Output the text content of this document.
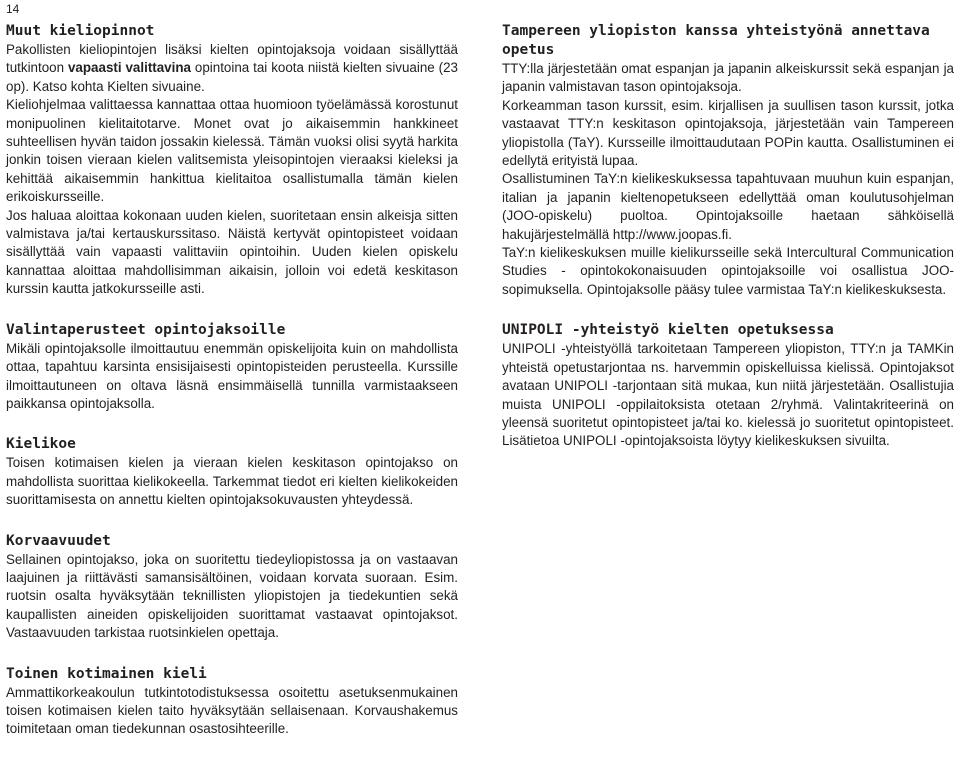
14
Muut kieliopinnot

Pakollisten kieliopintojen lisäksi kielten opintojaksoja voidaan sisällyttää tutkintoon vapaasti valittavina opintoina tai koota niistä kielten sivuaine (23 op). Katso kohta Kielten sivuaine.

Kieliohjelmaa valittaessa kannattaa ottaa huomioon työelämässä korostunut monipuolinen kielitaitotarve. Monet ovat jo aikaisemmin hankkineet suhteellisen hyvän taidon jossakin kielessä. Tämän vuoksi olisi syytä harkita jonkin toisen vieraan kielen valitsemista yleisopintojen vieraaksi kieleksi ja kehittää aikaisemmin hankittua kielitaitoa osallistumalla tämän kielen erikoiskursseille.

Jos haluaa aloittaa kokonaan uuden kielen, suoritetaan ensin alkeisja sitten valmistava ja/tai kertauskurssitaso. Näistä kertyvät opintopisteet voidaan sisällyttää vain vapaasti valittaviin opintoihin. Uuden kielen opiskelu kannattaa aloittaa mahdollisimman aikaisin, jolloin voi edetä keskitason kurssin kautta jatkokursseille asti.

Valintaperusteet opintojaksoille

Mikäli opintojaksolle ilmoittautuu enemmän opiskelijoita kuin on mahdollista ottaa, tapahtuu karsinta ensisijaisesti opintopisteiden perusteella. Kurssille ilmoittautuneen on oltava läsnä ensimmäisellä tunnilla varmistaakseen paikkansa opintojaksolla.

Kielikoe

Toisen kotimaisen kielen ja vieraan kielen keskitason opintojakso on mahdollista suorittaa kielikokeella. Tarkemmat tiedot eri kielten kielikokeiden suorittamisesta on annettu kielten opintojaksokuvausten yhteydessä.

Korvaavuudet

Sellainen opintojakso, joka on suoritettu tiedeyliopistossa ja on vastaavan laajuinen ja riittävästi samansisältöinen, voidaan korvata suoraan. Esim. ruotsin osalta hyväksytään teknillisten yliopistojen ja tiedekuntien sekä kaupallisten aineiden opiskelijoiden suorittamat vastaavat opintojaksot. Vastaavuuden tarkistaa ruotsinkielen opettaja.

Toinen kotimainen kieli

Ammattikorkeakoulun tutkintotodistuksessa osoitettu asetuksenmukainen toisen kotimaisen kielen taito hyväksytään sellaisenaan. Korvaushakemus toimitetaan oman tiedekunnan osastosihteerille.

Tampereen yliopiston kanssa yhteistyönä annettava opetus

TTY:lla järjestetään omat espanjan ja japanin alkeiskurssit sekä espanjan ja japanin valmistavan tason opintojaksoja.

Korkeamman tason kurssit, esim. kirjallisen ja suullisen tason kurssit, jotka vastaavat TTY:n keskitason opintojaksoja, järjestetään vain Tampereen yliopistolla (TaY). Kursseille ilmoittaudutaan POPin kautta. Osallistuminen ei edellytä erityistä lupaa.

Osallistuminen TaY:n kielikeskuksessa tapahtuvaan muuhun kuin espanjan, italian ja japanin kieltenopetukseen edellyttää oman koulutusohjelman (JOO-opiskelu) puoltoa. Opintojaksoille haetaan sähköisellä hakujärjestelmällä http://www.joopas.fi.

TaY:n kielikeskuksen muille kielikursseille sekä Intercultural Communication Studies - opintokokonaisuuden opintojaksoille voi osallistua JOO-sopimuksella. Opintojaksolle pääsy tulee varmistaa TaY:n kielikeskuksesta.

UNIPOLI -yhteistyö kielten opetuksessa

UNIPOLI -yhteistyöllä tarkoitetaan Tampereen yliopiston, TTY:n ja TAMKin yhteistä opetustarjontaa ns. harvemmin opiskelluissa kielissä. Opintojaksot avataan UNIPOLI -tarjontaan sitä mukaa, kun niitä järjestetään. Osallistujia muista UNIPOLI -oppilaitoksista otetaan 2/ryhmä. Valintakriteerinä on yleensä suoritetut opintopisteet ja/tai ko. kielessä jo suoritetut opintopisteet. Lisätietoa UNIPOLI -opintojaksoista löytyy kielikeskuksen sivuilta.
